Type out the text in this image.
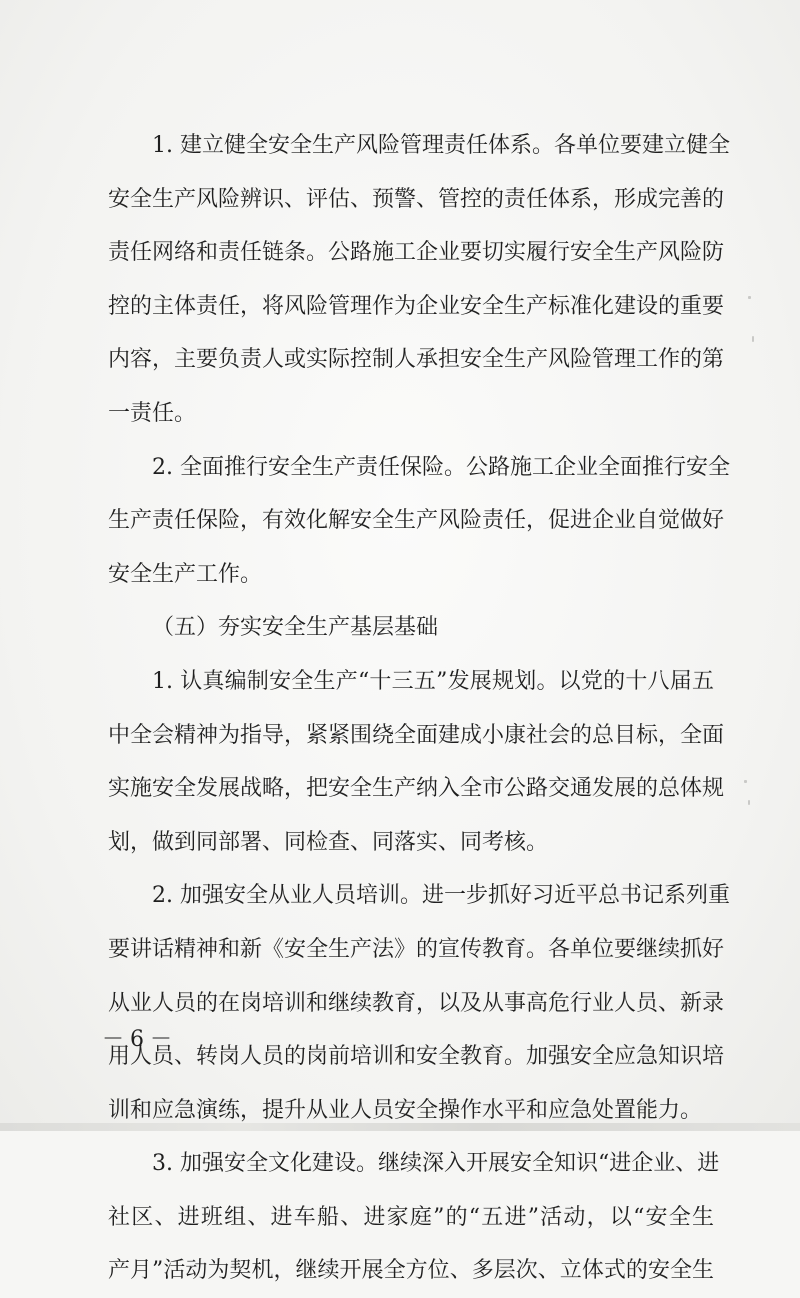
1. 建立健全安全生产风险管理责任体系。各单位要建立健全
安全生产风险辨识、评估、预警、管控的责任体系，形成完善的
责任网络和责任链条。公路施工企业要切实履行安全生产风险防
控的主体责任，将风险管理作为企业安全生产标准化建设的重要
内容，主要负责人或实际控制人承担安全生产风险管理工作的第
一责任。
2. 全面推行安全生产责任保险。公路施工企业全面推行安全
生产责任保险，有效化解安全生产风险责任，促进企业自觉做好
安全生产工作。
（五）夯实安全生产基层基础
1. 认真编制安全生产“十三五”发展规划。以党的十八届五
中全会精神为指导，紧紧围绕全面建成小康社会的总目标，全面
实施安全发展战略，把安全生产纳入全市公路交通发展的总体规
划，做到同部署、同检查、同落实、同考核。
2. 加强安全从业人员培训。进一步抓好习近平总书记系列重
要讲话精神和新《安全生产法》的宣传教育。各单位要继续抓好
从业人员的在岗培训和继续教育，以及从事高危行业人员、新录
用人员、转岗人员的岗前培训和安全教育。加强安全应急知识培
训和应急演练，提升从业人员安全操作水平和应急处置能力。
3. 加强安全文化建设。继续深入开展安全知识“进企业、进
社区、进班组、进车船、进家庭”的“五进”活动，以“安全生
产月”活动为契机，继续开展全方位、多层次、立体式的安全生
－6－
